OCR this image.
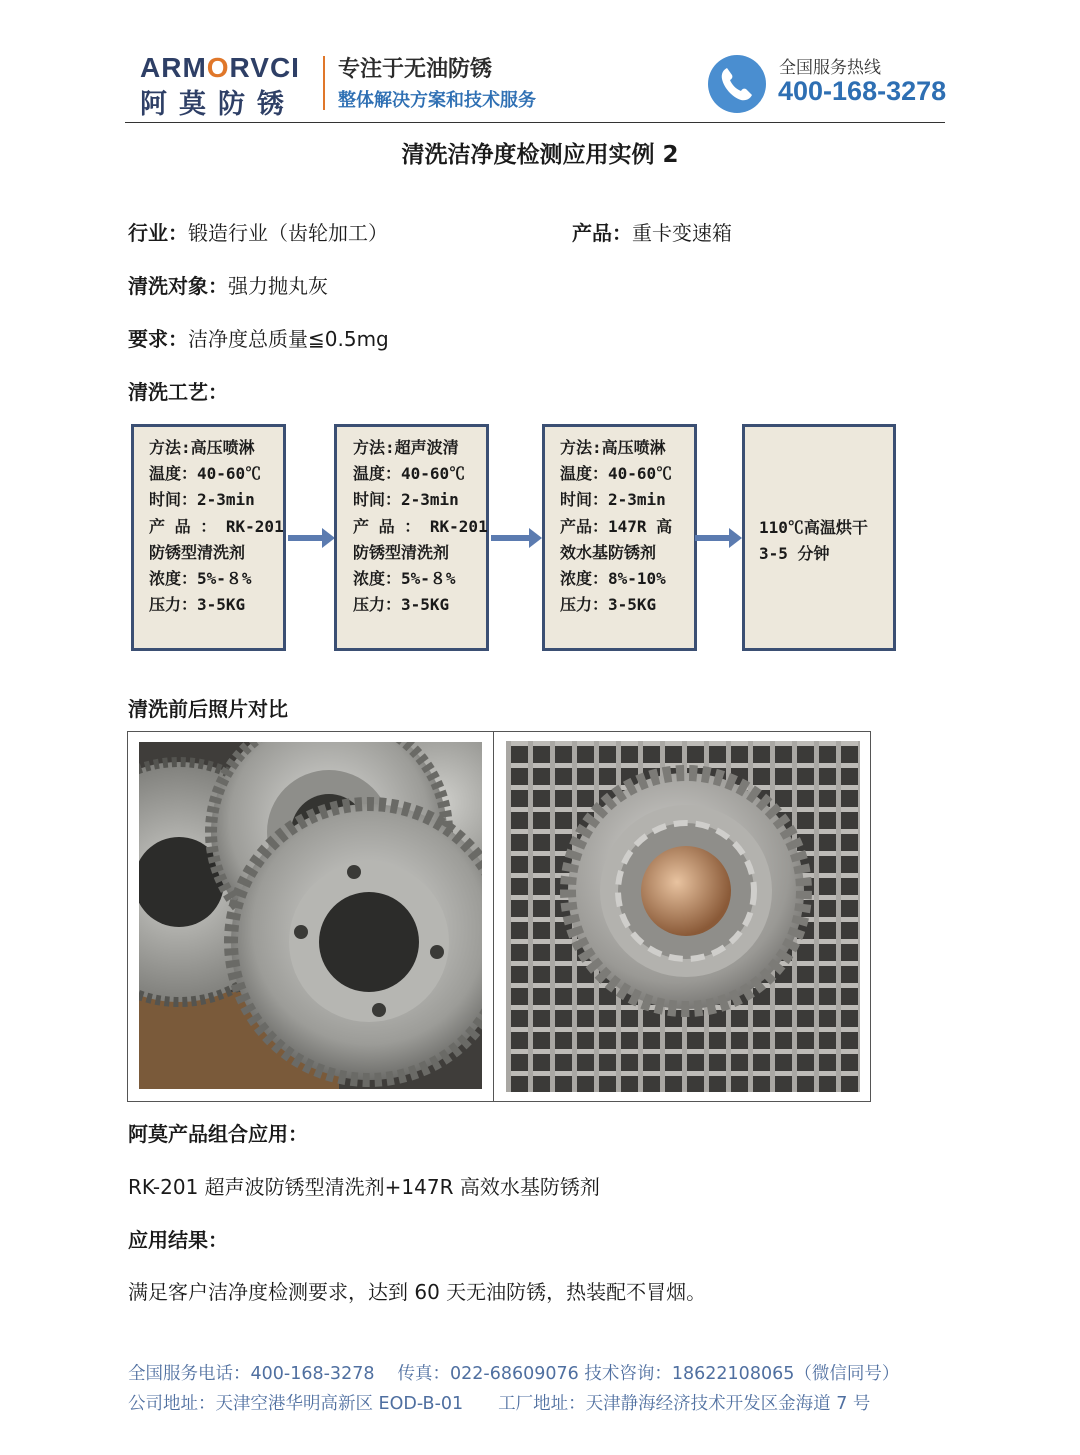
ARMORVCI
阿莫防锈
专注于无油防锈
整体解决方案和技术服务
全国服务热线
400-168-3278
清洗洁净度检测应用实例 2
行业：锻造行业（齿轮加工）	产品：重卡变速箱
清洗对象：强力抛丸灰
要求：洁净度总质量≦0.5mg
清洗工艺：

方法:高压喷淋

温度：40-60℃

时间：2-3min

产 品 ： RK-201

防锈型清洗剂

浓度：5%-８%

压力：3-5KG

方法:超声波清

温度：40-60℃

时间：2-3min

产 品 ： RK-201

防锈型清洗剂

浓度：5%-８%

压力：3-5KG

方法:高压喷淋

温度：40-60℃

时间：2-3min

产品：147R 高

效水基防锈剂

浓度：8%-10%

压力：3-5KG

110℃高温烘干

3-5 分钟

清洗前后照片对比
阿莫产品组合应用：
RK-201 超声波防锈型清洗剂+147R 高效水基防锈剂
应用结果：
满足客户洁净度检测要求，达到 60 天无油防锈，热装配不冒烟。
全国服务电话：400-168-3278　 传真：022-68609076 技术咨询：18622108065（微信同号）
公司地址：天津空港华明高新区 EOD-B-01　　工厂地址：天津静海经济技术开发区金海道 7 号
